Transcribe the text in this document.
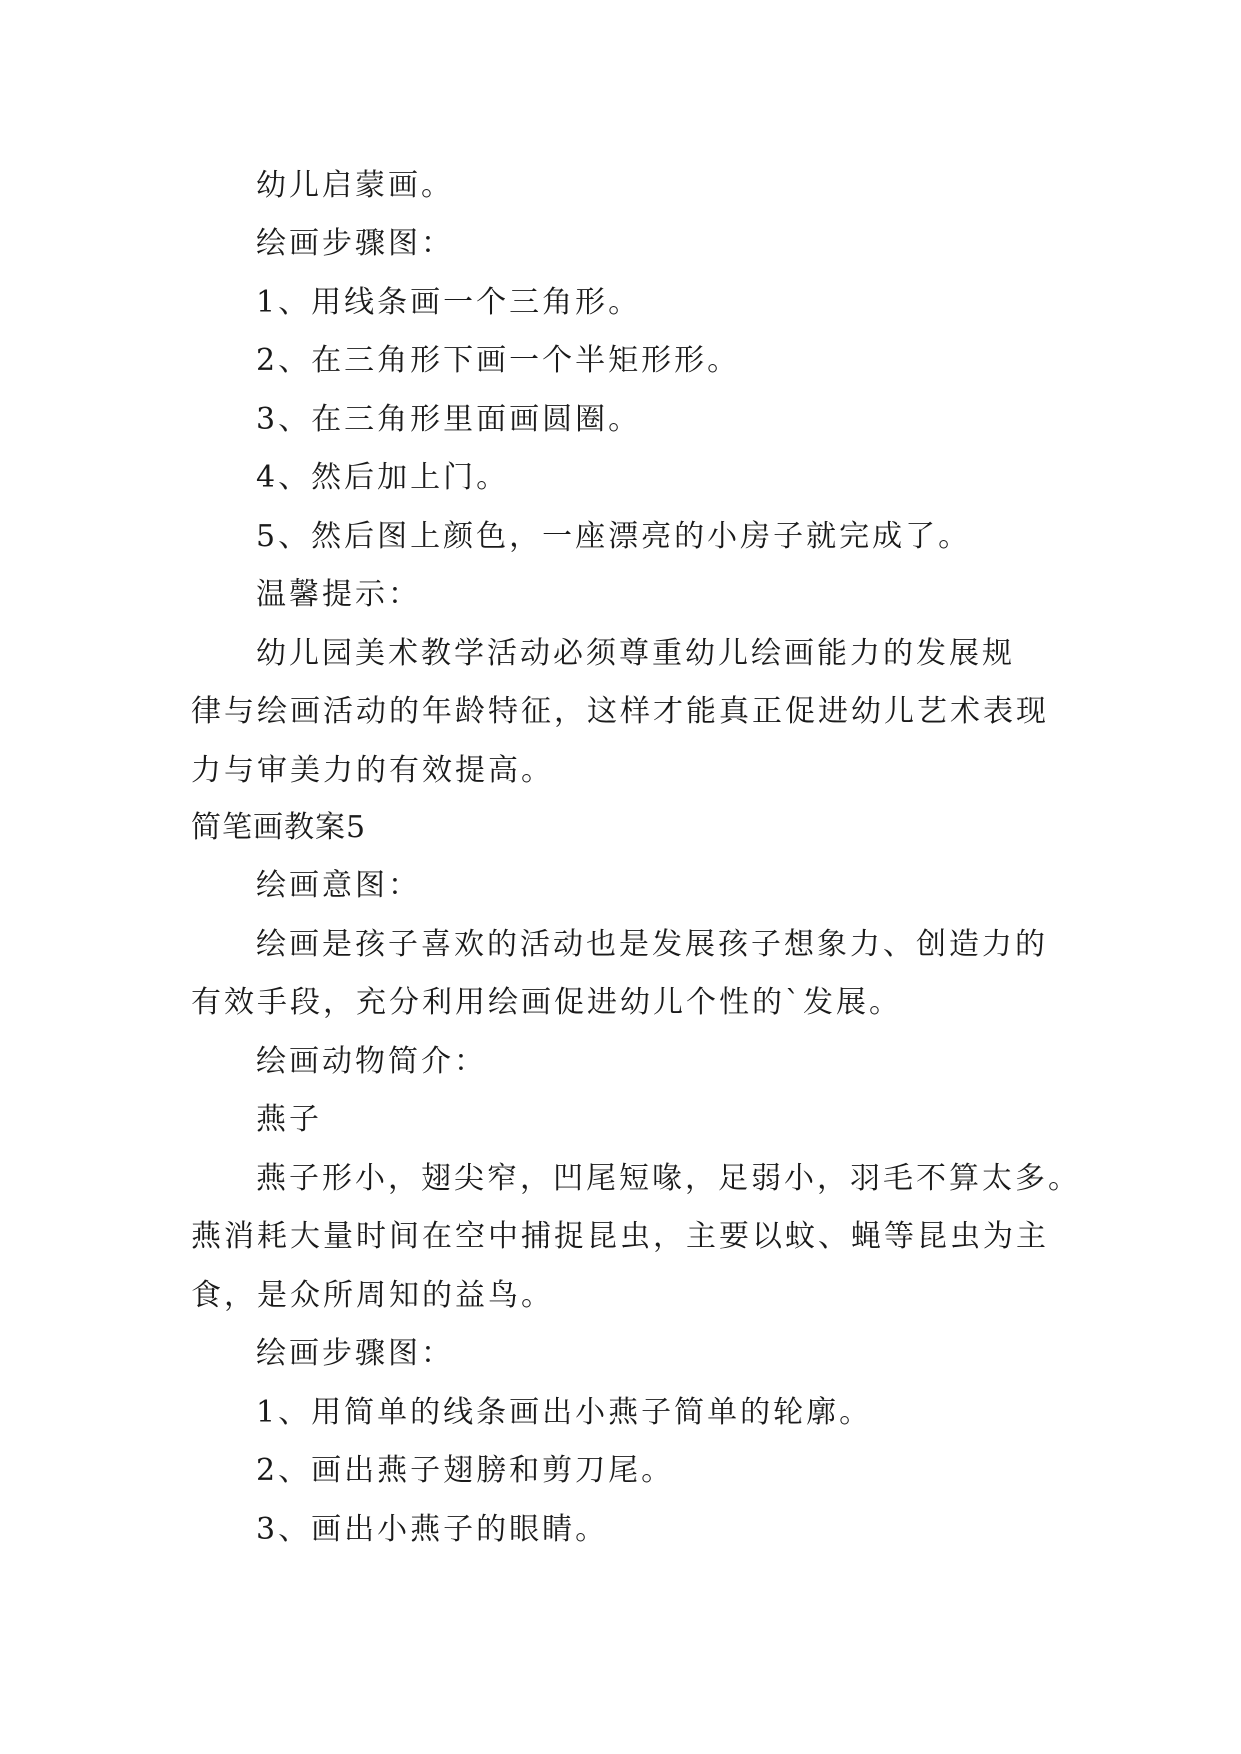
幼儿启蒙画。
绘画步骤图：
1、用线条画一个三角形。
2、在三角形下画一个半矩形形。
3、在三角形里面画圆圈。
4、然后加上门。
5、然后图上颜色，一座漂亮的小房子就完成了。
温馨提示：
幼儿园美术教学活动必须尊重幼儿绘画能力的发展规
律与绘画活动的年龄特征，这样才能真正促进幼儿艺术表现
力与审美力的有效提高。
简笔画教案5
绘画意图：
绘画是孩子喜欢的活动也是发展孩子想象力、创造力的
有效手段，充分利用绘画促进幼儿个性的`发展。
绘画动物简介：
燕子
燕子形小，翅尖窄，凹尾短喙，足弱小，羽毛不算太多。
燕消耗大量时间在空中捕捉昆虫，主要以蚊、蝇等昆虫为主
食，是众所周知的益鸟。
绘画步骤图：
1、用简单的线条画出小燕子简单的轮廓。
2、画出燕子翅膀和剪刀尾。
3、画出小燕子的眼睛。
